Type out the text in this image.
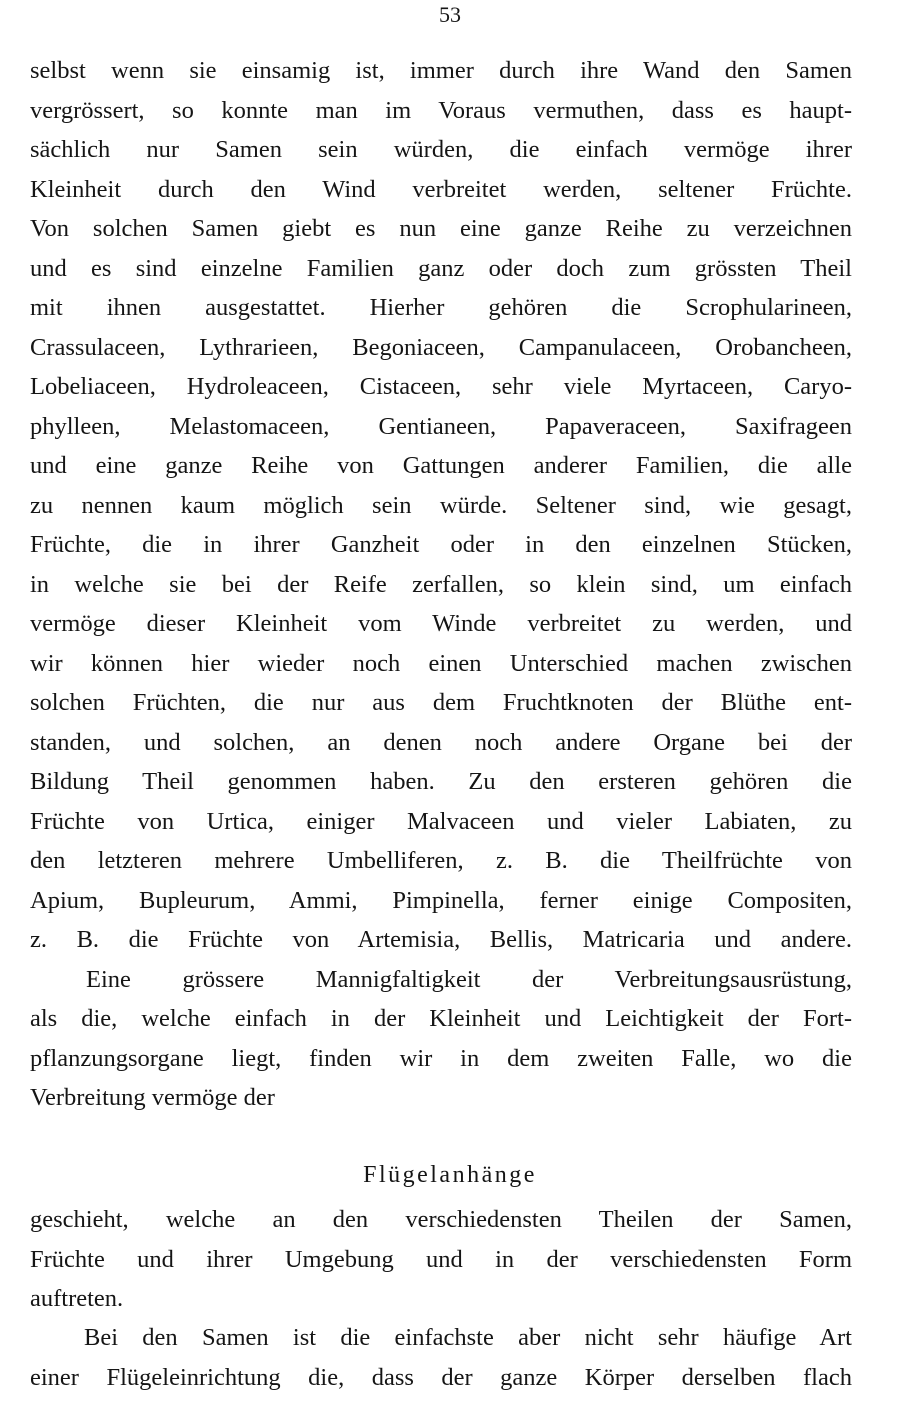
53
selbst wenn sie einsamig ist, immer durch ihre Wand den Samen
vergrössert, so konnte man im Voraus vermuthen, dass es haupt-
sächlich nur Samen sein würden, die einfach vermöge ihrer
Kleinheit durch den Wind verbreitet werden, seltener Früchte.
Von solchen Samen giebt es nun eine ganze Reihe zu verzeichnen
und es sind einzelne Familien ganz oder doch zum grössten Theil
mit ihnen ausgestattet. Hierher gehören die Scrophularineen,
Crassulaceen, Lythrarieen, Begoniaceen, Campanulaceen, Orobancheen,
Lobeliaceen, Hydroleaceen, Cistaceen, sehr viele Myrtaceen, Caryo-
phylleen, Melastomaceen, Gentianeen, Papaveraceen, Saxifrageen
und eine ganze Reihe von Gattungen anderer Familien, die alle
zu nennen kaum möglich sein würde. Seltener sind, wie gesagt,
Früchte, die in ihrer Ganzheit oder in den einzelnen Stücken,
in welche sie bei der Reife zerfallen, so klein sind, um einfach
vermöge dieser Kleinheit vom Winde verbreitet zu werden, und
wir können hier wieder noch einen Unterschied machen zwischen
solchen Früchten, die nur aus dem Fruchtknoten der Blüthe ent-
standen, und solchen, an denen noch andere Organe bei der
Bildung Theil genommen haben. Zu den ersteren gehören die
Früchte von Urtica, einiger Malvaceen und vieler Labiaten, zu
den letzteren mehrere Umbelliferen, z. B. die Theilfrüchte von
Apium, Bupleurum, Ammi, Pimpinella, ferner einige Compositen,
z. B. die Früchte von Artemisia, Bellis, Matricaria und andere.
Eine grössere Mannigfaltigkeit der Verbreitungsausrüstung,
als die, welche einfach in der Kleinheit und Leichtigkeit der Fort-
pflanzungsorgane liegt, finden wir in dem zweiten Falle, wo die
Verbreitung vermöge der
Flügelanhänge
geschieht, welche an den verschiedensten Theilen der Samen,
Früchte und ihrer Umgebung und in der verschiedensten Form
auftreten.
Bei den Samen ist die einfachste aber nicht sehr häufige Art
einer Flügeleinrichtung die, dass der ganze Körper derselben flach
